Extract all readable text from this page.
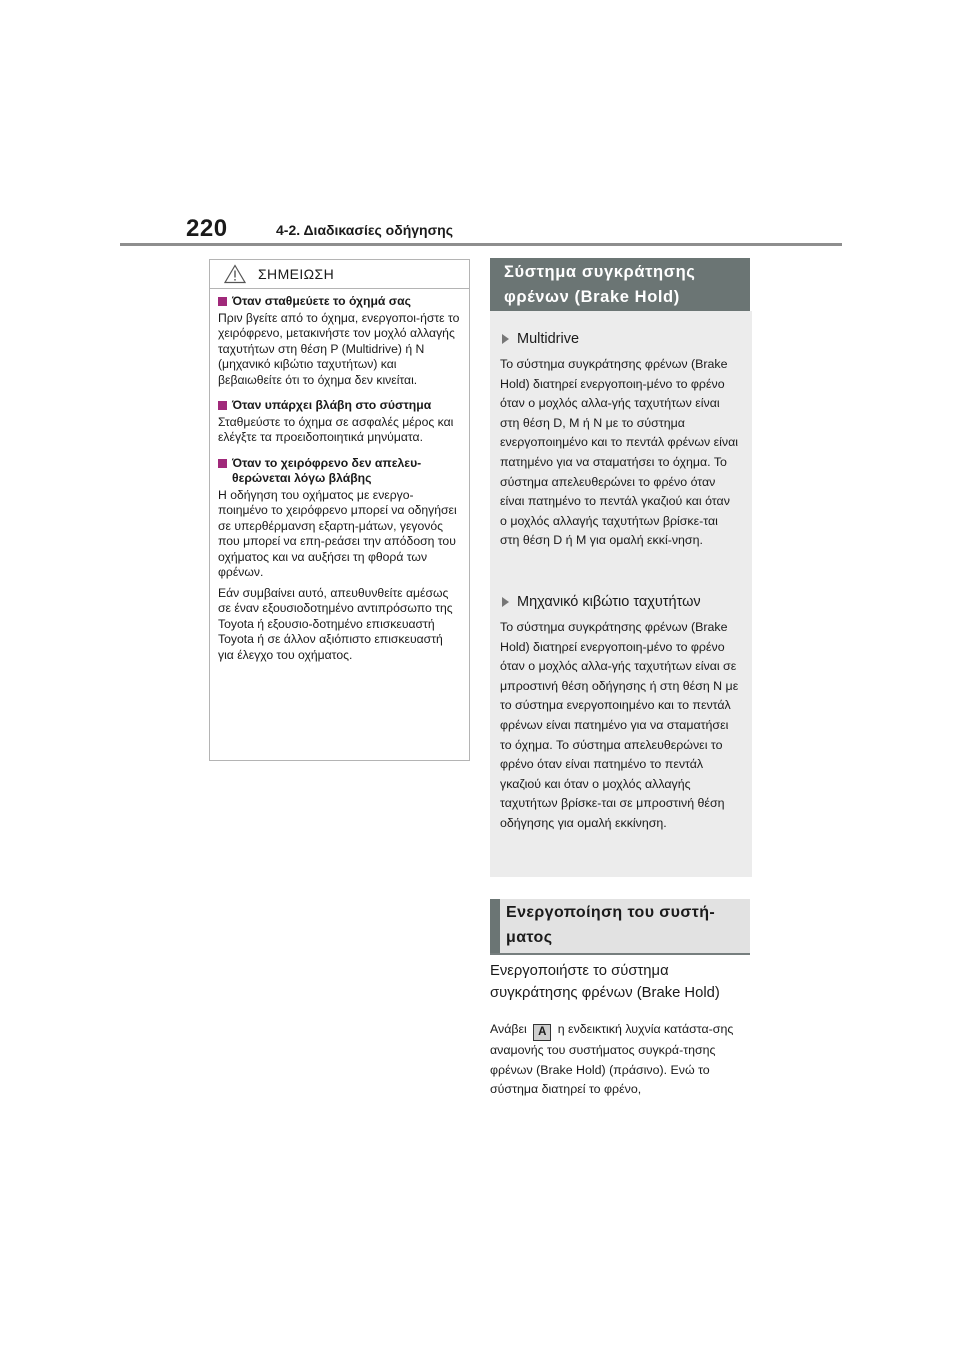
220	4-2. Διαδικασίες οδήγησης
ΣΗΜΕΙΩΣΗ
Όταν σταθμεύετε το όχημά σας

Πριν βγείτε από το όχημα, ενεργοποι-ήστε το χειρόφρενο, μετακινήστε τον μοχλό αλλαγής ταχυτήτων στη θέση P (Multidrive) ή N (μηχανικό κιβώτιο ταχυτήτων) και βεβαιωθείτε ότι το όχημα δεν κινείται.

Όταν υπάρχει βλάβη στο σύστημα

Σταθμεύστε το όχημα σε ασφαλές μέρος και ελέγξτε τα προειδοποιητικά μηνύματα.

Όταν το χειρόφρενο δεν απελευ-θερώνεται λόγω βλάβης

Η οδήγηση του οχήματος με ενεργο-ποιημένο το χειρόφρενο μπορεί να οδηγήσει σε υπερθέρμανση εξαρτη-μάτων, γεγονός που μπορεί να επη-ρεάσει την απόδοση του οχήματος και να αυξήσει τη φθορά των φρένων.

Εάν συμβαίνει αυτό, απευθυνθείτε αμέσως σε έναν εξουσιοδοτημένο αντιπρόσωπο της Toyota ή εξουσιο-δοτημένο επισκευαστή Toyota ή σε άλλον αξιόπιστο επισκευαστή για έλεγχο του οχήματος.

Σύστημα συγκράτησης φρένων (Brake Hold)
Multidrive

Το σύστημα συγκράτησης φρένων (Brake Hold) διατηρεί ενεργοποιη-μένο το φρένο όταν ο μοχλός αλλα-γής ταχυτήτων είναι στη θέση D, M ή N με το σύστημα ενεργοποιημένο και το πεντάλ φρένων είναι πατημένο για να σταματήσει το όχημα. Το σύστημα απελευθερώνει το φρένο όταν είναι πατημένο το πεντάλ γκαζιού και όταν ο μοχλός αλλαγής ταχυτήτων βρίσκε-ται στη θέση D ή M για ομαλή εκκί-νηση.

Μηχανικό κιβώτιο ταχυτήτων

Το σύστημα συγκράτησης φρένων (Brake Hold) διατηρεί ενεργοποιη-μένο το φρένο όταν ο μοχλός αλλα-γής ταχυτήτων είναι σε μπροστινή θέση οδήγησης ή στη θέση N με το σύστημα ενεργοποιημένο και το πεντάλ φρένων είναι πατημένο για να σταματήσει το όχημα. Το σύστημα απελευθερώνει το φρένο όταν είναι πατημένο το πεντάλ γκαζιού και όταν ο μοχλός αλλαγής ταχυτήτων βρίσκε-ται σε μπροστινή θέση οδήγησης για ομαλή εκκίνηση.

Ενεργοποίηση του συστή-ματος

Ενεργοποιήστε το σύστημα συγκράτησης φρένων (Brake Hold)

Ανάβει A η ενδεικτική λυχνία κατάστα-σης αναμονής του συστήματος συγκρά-τησης φρένων (Brake Hold) (πράσινο). Ενώ το σύστημα διατηρεί το φρένο,
